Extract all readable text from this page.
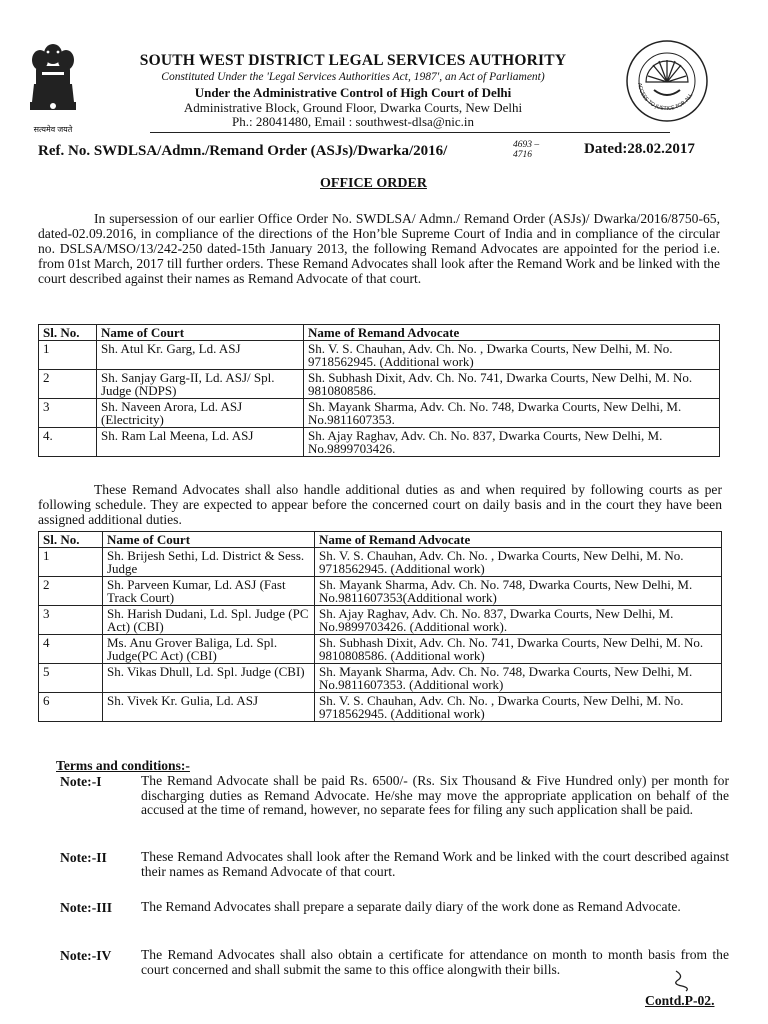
सत्यमेव जयते
SOUTH WEST DISTRICT LEGAL SERVICES AUTHORITY
Constituted Under the 'Legal Services Authorities Act, 1987', an Act of Parliament)
Under the Administrative Control of High Court of Delhi
Administrative Block, Ground Floor, Dwarka Courts, New Delhi
Ph.: 28041480, Email : southwest-dlsa@nic.in
ACCESS TO JUSTICE FOR ALL
Ref. No. SWDLSA/Admn./Remand Order (ASJs)/Dwarka/2016/	4693 – 4716	Dated:28.02.2017
OFFICE ORDER

In supersession of our earlier Office Order No. SWDLSA/ Admn./ Remand Order (ASJs)/ Dwarka/2016/8750-65, dated-02.09.2016, in compliance of the directions of the Hon’ble Supreme Court of India and in compliance of the circular no. DSLSA/MSO/13/242-250 dated-15th January 2013, the following Remand Advocates are appointed for the period i.e. from 01st March, 2017 till further orders. These Remand Advocates shall look after the Remand Work and be linked with the court described against their names as Remand Advocate of that court.

Sl. No.	Name of Court	Name of Remand Advocate
1	Sh. Atul Kr. Garg, Ld. ASJ	Sh. V. S. Chauhan, Adv. Ch. No. , Dwarka Courts, New Delhi, M. No. 9718562945. (Additional work)
2	Sh. Sanjay Garg-II, Ld. ASJ/ Spl. Judge (NDPS)	Sh. Subhash Dixit, Adv. Ch. No. 741, Dwarka Courts, New Delhi, M. No. 9810808586.
3	Sh. Naveen Arora, Ld. ASJ (Electricity)	Sh. Mayank Sharma, Adv. Ch. No. 748, Dwarka Courts, New Delhi, M. No.9811607353.
4.	Sh. Ram Lal Meena, Ld. ASJ	Sh. Ajay Raghav, Adv. Ch. No. 837, Dwarka Courts, New Delhi, M. No.9899703426.

These Remand Advocates shall also handle additional duties as and when required by following courts as per following schedule. They are expected to appear before the concerned court on daily basis and in the court they have been assigned additional duties.

Sl. No.	Name of Court	Name of Remand Advocate
1	Sh. Brijesh Sethi, Ld. District & Sess. Judge	Sh. V. S. Chauhan, Adv. Ch. No. , Dwarka Courts, New Delhi, M. No. 9718562945. (Additional work)
2	Sh. Parveen Kumar, Ld. ASJ (Fast Track Court)	Sh. Mayank Sharma, Adv. Ch. No. 748, Dwarka Courts, New Delhi, M. No.9811607353(Additional work)
3	Sh. Harish Dudani, Ld. Spl. Judge (PC Act) (CBI)	Sh. Ajay Raghav, Adv. Ch. No. 837, Dwarka Courts, New Delhi, M. No.9899703426. (Additional work).
4	Ms. Anu Grover Baliga, Ld. Spl. Judge(PC Act) (CBI)	Sh. Subhash Dixit, Adv. Ch. No. 741, Dwarka Courts, New Delhi, M. No. 9810808586. (Additional work)
5	Sh. Vikas Dhull, Ld. Spl. Judge (CBI)	Sh. Mayank Sharma, Adv. Ch. No. 748, Dwarka Courts, New Delhi, M. No.9811607353. (Additional work)
6	Sh. Vivek Kr. Gulia, Ld. ASJ	Sh. V. S. Chauhan, Adv. Ch. No. , Dwarka Courts, New Delhi, M. No. 9718562945. (Additional work)
Terms and conditions:-
Note:-I	The Remand Advocate shall be paid Rs. 6500/- (Rs. Six Thousand & Five Hundred only) per month for discharging duties as Remand Advocate. He/she may move the appropriate application on behalf of the accused at the time of remand, however, no separate fees for filing any such application shall be paid.
Note:-II	These Remand Advocates shall look after the Remand Work and be linked with the court described against their names as Remand Advocate of that court.
Note:-III The Remand Advocates shall prepare a separate daily diary of the work done as Remand Advocate.
Note:-IV The Remand Advocates shall also obtain a certificate for attendance on month to month basis from the court concerned and shall submit the same to this office alongwith their bills.
Contd.P-02.
